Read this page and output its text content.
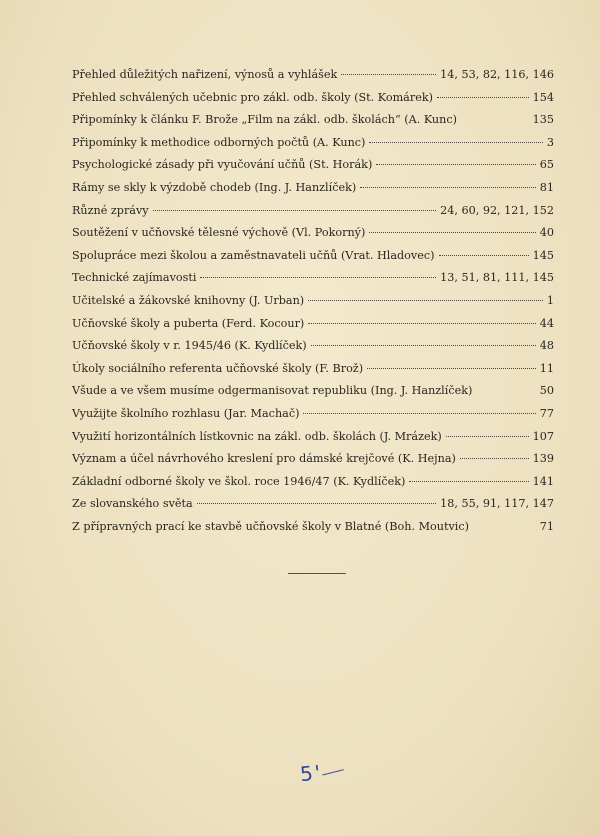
Přehled důležitých nařizení, výnosů a vyhlášek	14, 53, 82, 116, 146
Přehled schválených učebnic pro zákl. odb. školy (St. Komárek)	154
Připomínky k článku F. Brože „Film na zákl. odb. školách“ (A. Kunc)	135
Připomínky k methodice odborných počtů (A. Kunc)	3
Psychologické zásady při vyučování učňů (St. Horák)	65
Rámy se skly k výzdobě chodeb (Ing. J. Hanzlíček)	81
Různé zprávy	24, 60, 92, 121, 152
Soutěžení v učňovské tělesné výchově (Vl. Pokorný)	40
Spolupráce mezi školou a zaměstnavateli učňů (Vrat. Hladovec)	145
Technické zajímavosti	13, 51, 81, 111, 145
Učitelské a žákovské knihovny (J. Urban)	1
Učňovské školy a puberta (Ferd. Kocour)	44
Učňovské školy v r. 1945/46 (K. Kydlíček)	48
Úkoly sociálního referenta učňovské školy (F. Brož)	11
Všude a ve všem musíme odgermanisovat republiku (Ing. J. Hanzlíček)	50
Využijte školního rozhlasu (Jar. Machač)	77
Využití horizontálních lístkovnic na zákl. odb. školách (J. Mrázek)	107
Význam a účel návrhového kreslení pro dámské krejčové (K. Hejna)	139
Základní odborné školy ve škol. roce 1946/47 (K. Kydlíček)	141
Ze slovanského světa	18, 55, 91, 117, 147
Z přípravných prací ke stavbě učňovské školy v Blatné (Boh. Moutvic)	71
5'
